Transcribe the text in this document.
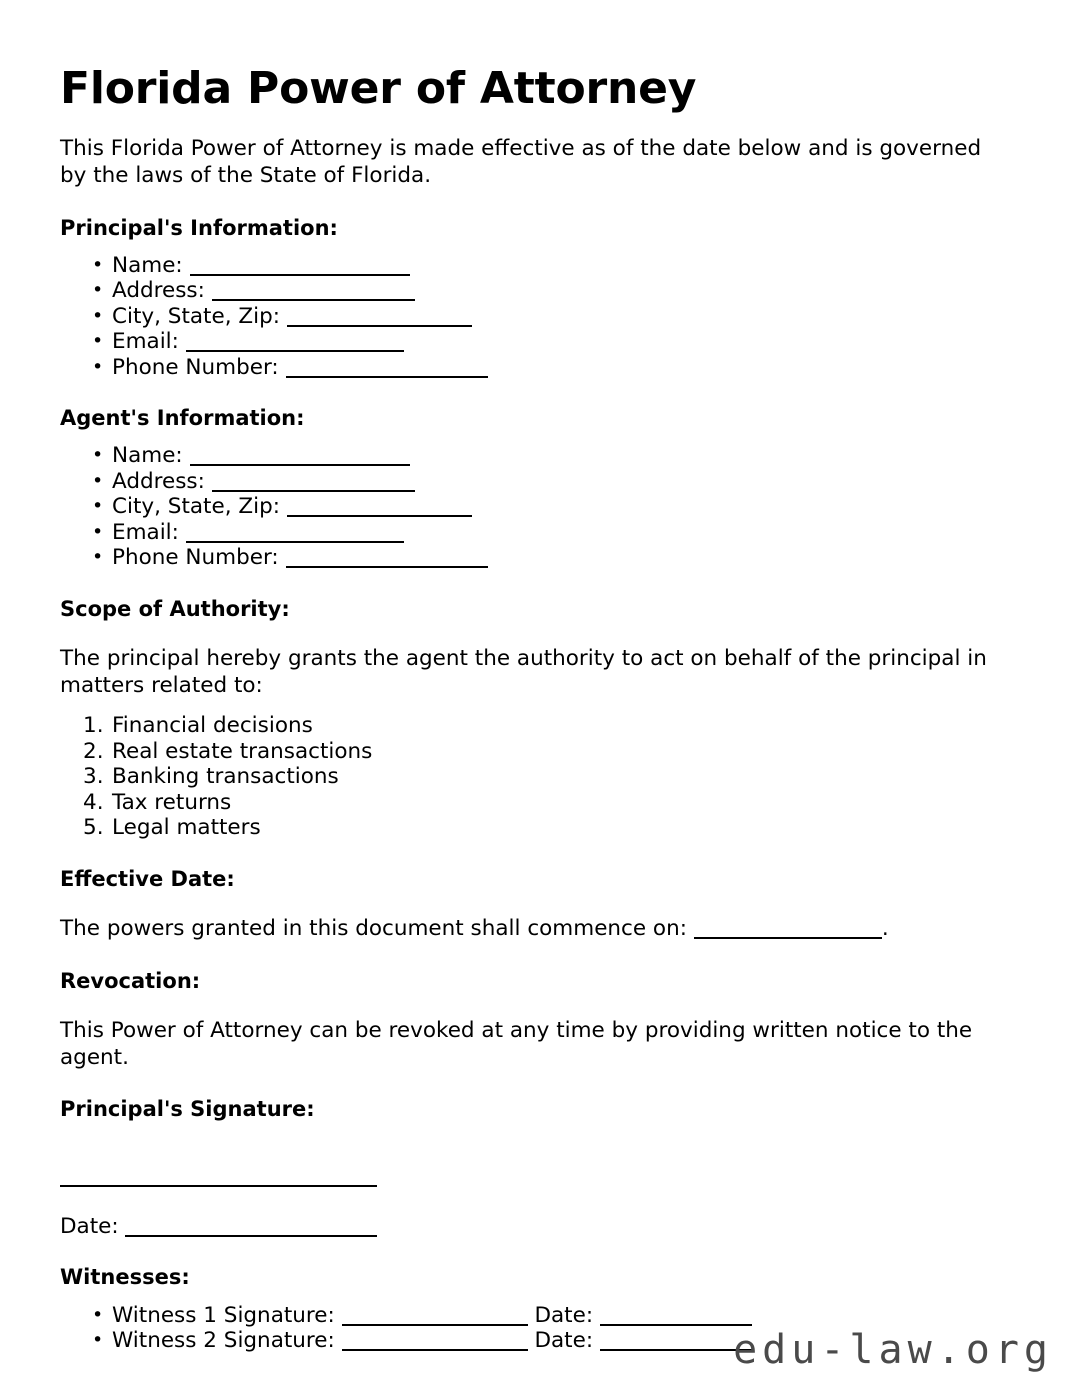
Florida Power of Attorney

This Florida Power of Attorney is made effective as of the date below and is governed by the laws of the State of Florida.

Principal's Information:
• Name:
• Address:
• City, State, Zip:
• Email:
• Phone Number:
Agent's Information:
• Name:
• Address:
• City, State, Zip:
• Email:
• Phone Number:
Scope of Authority:

The principal hereby grants the agent the authority to act on behalf of the principal in matters related to:

Financial decisions
Real estate transactions
Banking transactions
Tax returns
Legal matters
Effective Date:

The powers granted in this document shall commence on:	.

Revocation:

This Power of Attorney can be revoked at any time by providing written notice to the agent.

Principal's Signature:
Date:
Witnesses:
• Witness 1 Signature:	Date:
• Witness 2 Signature:	Date:	edu-law.org
